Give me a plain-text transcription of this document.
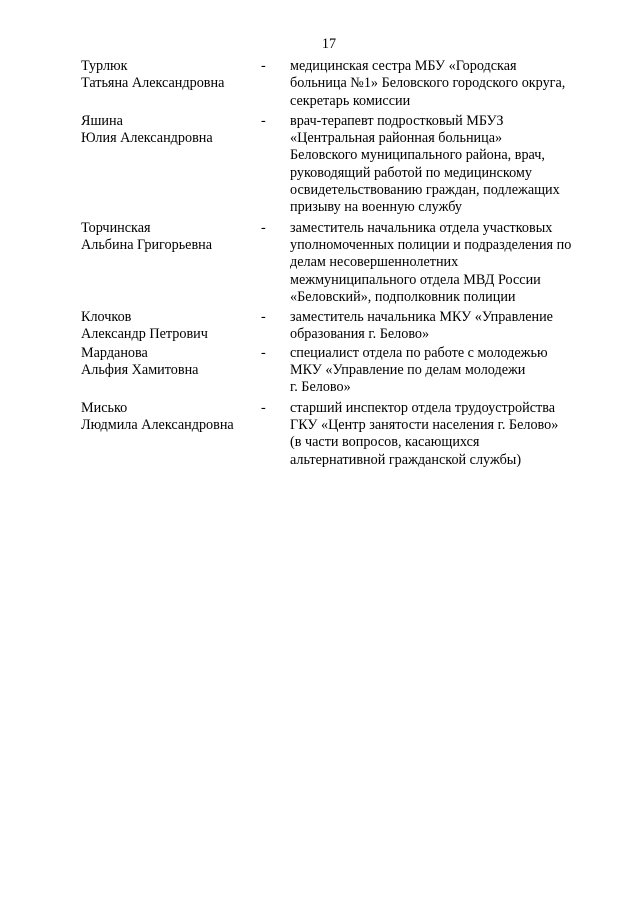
17
Турлюк
Татьяна Александровна
-	медицинская сестра МБУ «Городская
больница №1» Беловского городского округа,
секретарь комиссии
Яшина
Юлия Александровна
-	врач-терапевт подростковый МБУЗ
«Центральная районная больница»
Беловского муниципального района, врач,
руководящий работой по медицинскому
освидетельствованию граждан, подлежащих
призыву на военную службу
Торчинская
Альбина Григорьевна
-	заместитель начальника отдела участковых
уполномоченных полиции и подразделения по
делам несовершеннолетних
межмуниципального отдела МВД России
«Беловский», подполковник полиции
Клочков
Александр Петрович
-	заместитель начальника МКУ «Управление
образования г. Белово»
Марданова
Альфия Хамитовна
-	специалист отдела по работе с молодежью
МКУ «Управление по делам молодежи
г. Белово»
Мисько
Людмила Александровна
-	старший инспектор отдела трудоустройства
ГКУ «Центр занятости населения г. Белово»
(в части вопросов, касающихся
альтернативной гражданской службы)
